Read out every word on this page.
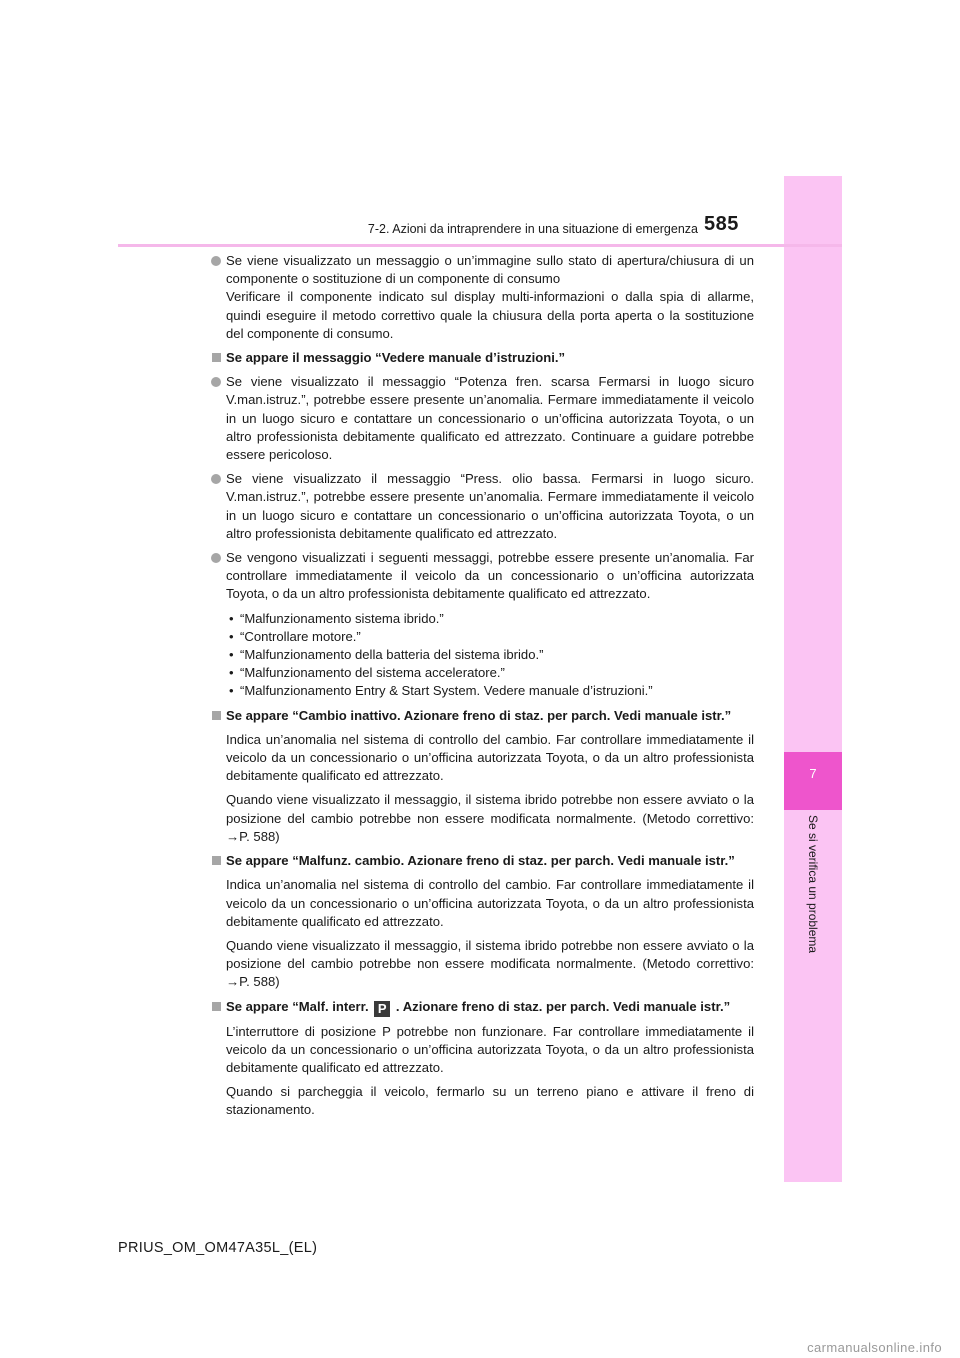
7
Se si verifica un problema
7-2. Azioni da intraprendere in una situazione di emergenza 585
Se viene visualizzato un messaggio o un’immagine sullo stato di apertura/chiusura di un componente o sostituzione di un componente di consumo
Verificare il componente indicato sul display multi-informazioni o dalla spia di allarme, quindi eseguire il metodo correttivo quale la chiusura della porta aperta o la sostituzione del componente di consumo.
Se appare il messaggio “Vedere manuale d’istruzioni.”
Se viene visualizzato il messaggio “Potenza fren. scarsa Fermarsi in luogo sicuro V.man.istruz.”, potrebbe essere presente un’anomalia. Fermare immediatamente il veicolo in un luogo sicuro e contattare un concessionario o un’officina autorizzata Toyota, o un altro professionista debitamente qualificato ed attrezzato. Continuare a guidare potrebbe essere pericoloso.
Se viene visualizzato il messaggio “Press. olio bassa. Fermarsi in luogo sicuro. V.man.istruz.”, potrebbe essere presente un’anomalia. Fermare immediatamente il veicolo in un luogo sicuro e contattare un concessionario o un’officina autorizzata Toyota, o un altro professionista debitamente qualificato ed attrezzato.
Se vengono visualizzati i seguenti messaggi, potrebbe essere presente un’anomalia. Far controllare immediatamente il veicolo da un concessionario o un’officina autorizzata Toyota, o da un altro professionista debitamente qualificato ed attrezzato.
• “Malfunzionamento sistema ibrido.”
• “Controllare motore.”
• “Malfunzionamento della batteria del sistema ibrido.”
• “Malfunzionamento del sistema acceleratore.”
• “Malfunzionamento Entry & Start System. Vedere manuale d’istruzioni.”
Se appare “Cambio inattivo. Azionare freno di staz. per parch. Vedi manuale istr.”
Indica un’anomalia nel sistema di controllo del cambio. Far controllare immediatamente il veicolo da un concessionario o un’officina autorizzata Toyota, o da un altro professionista debitamente qualificato ed attrezzato.
Quando viene visualizzato il messaggio, il sistema ibrido potrebbe non essere avviato o la posizione del cambio potrebbe non essere modificata normalmente. (Metodo correttivo: →P. 588)
Se appare “Malfunz. cambio. Azionare freno di staz. per parch. Vedi manuale istr.”
Indica un’anomalia nel sistema di controllo del cambio. Far controllare immediatamente il veicolo da un concessionario o un’officina autorizzata Toyota, o da un altro professionista debitamente qualificato ed attrezzato.
Quando viene visualizzato il messaggio, il sistema ibrido potrebbe non essere avviato o la posizione del cambio potrebbe non essere modificata normalmente. (Metodo correttivo: →P. 588)
Se appare “Malf. interr. P . Azionare freno di staz. per parch. Vedi manuale istr.”
L’interruttore di posizione P potrebbe non funzionare. Far controllare immediatamente il veicolo da un concessionario o un’officina autorizzata Toyota, o da un altro professionista debitamente qualificato ed attrezzato.
Quando si parcheggia il veicolo, fermarlo su un terreno piano e attivare il freno di stazionamento.
PRIUS_OM_OM47A35L_(EL)
carmanualsonline.info
